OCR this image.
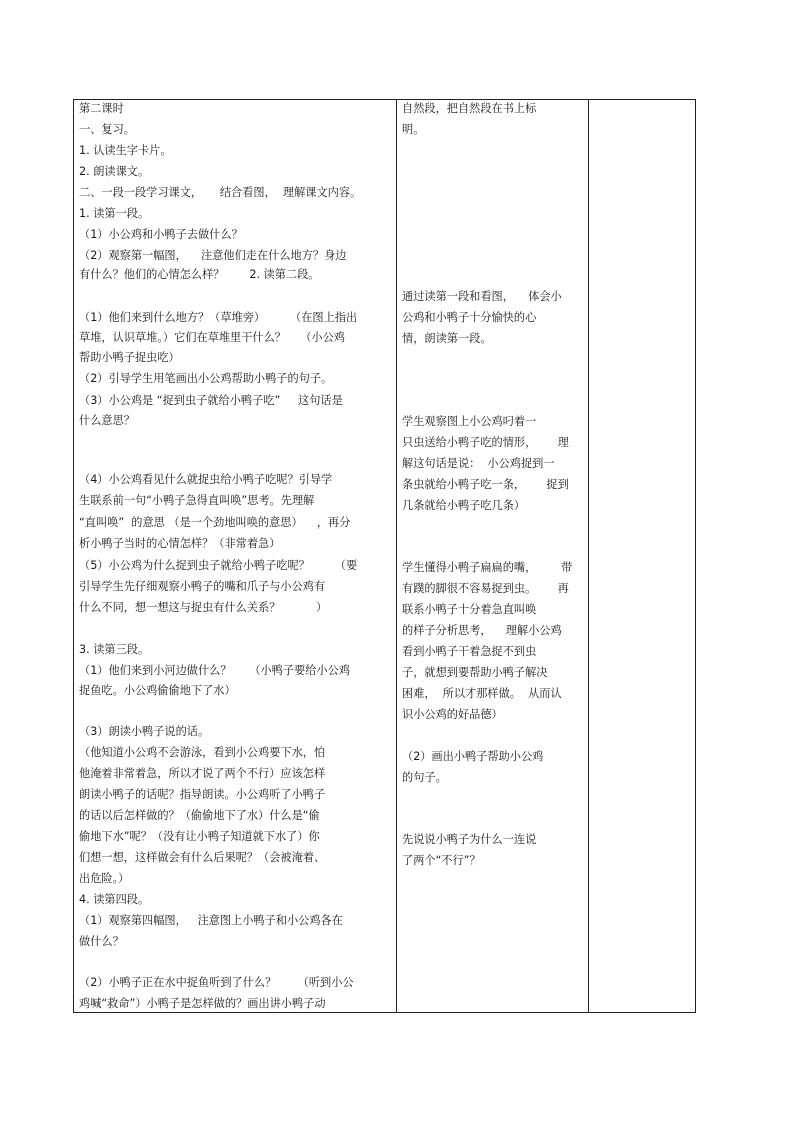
第二课时
一、复习。
1. 认读生字卡片。
2. 朗读课文。
二、一段一段学习课文，     结合看图，  理解课文内容。
1. 读第一段。
（1）小公鸡和小鸭子去做什么？
（2）观察第一幅图，    注意他们走在什么地方？身边
有什么？他们的心情怎么样？       2. 读第二段。
（1）他们来到什么地方？（草堆旁）       （在图上指出
草堆，认识草堆。）它们在草堆里干什么？    （小公鸡
帮助小鸭子捉虫吃）
（2）引导学生用笔画出小公鸡帮助小鸭子的句子。
（3）小公鸡是 “捉到虫子就给小鸭子吃”     这句话是
什么意思？
（4）小公鸡看见什么就捉虫给小鸭子吃呢？引导学
生联系前一句“小鸭子急得直叫唤”思考。先理解
“直叫唤”  的意思 （是一个劲地叫唤的意思）    ，再分
析小鸭子当时的心情怎样？（非常着急）
（5）小公鸡为什么捉到虫子就给小鸭子吃呢？       （要
引导学生先仔细观察小鸭子的嘴和爪子与小公鸡有
什么不同，想一想这与捉虫有什么关系？          ）
3. 读第三段。
（1）他们来到小河边做什么？     （小鸭子要给小公鸡
捉鱼吃。小公鸡偷偷地下了水）
（3）朗读小鸭子说的话。
（他知道小公鸡不会游泳，看到小公鸡要下水，怕
他淹着非常着急，所以才说了两个不行）应该怎样
朗读小鸭子的话呢？指导朗读。小公鸡听了小鸭子
的话以后怎样做的？（偷偷地下了水）什么是“偷
偷地下水”呢？（没有让小鸭子知道就下水了）你
们想一想，这样做会有什么后果呢？（会被淹着、
出危险。）
4. 读第四段。
（1）观察第四幅图，   注意图上小鸭子和小公鸡各在
做什么？
（2）小鸭子正在水中捉鱼听到了什么？      （听到小公
鸡喊“救命”）小鸭子是怎样做的？画出讲小鸭子动
自然段，把自然段在书上标
明。
通过读第一段和看图，    体会小
公鸡和小鸭子十分愉快的心
情，朗读第一段。
学生观察图上小公鸡叼着一
只虫送给小鸭子吃的情形，      理
解这句话是说：  小公鸡捉到一
条虫就给小鸭子吃一条，      捉到
几条就给小鸭子吃几条）
学生懂得小鸭子扁扁的嘴，       带
有蹼的脚很不容易捉到虫。      再
联系小鸭子十分着急直叫唤
的样子分析思考，    理解小公鸡
看到小鸭子干着急捉不到虫
子，就想到要帮助小鸭子解决
困难，  所以才那样做。  从而认
识小公鸡的好品德）
（2）画出小鸭子帮助小公鸡
的句子。
先说说小鸭子为什么一连说
了两个“不行”？
